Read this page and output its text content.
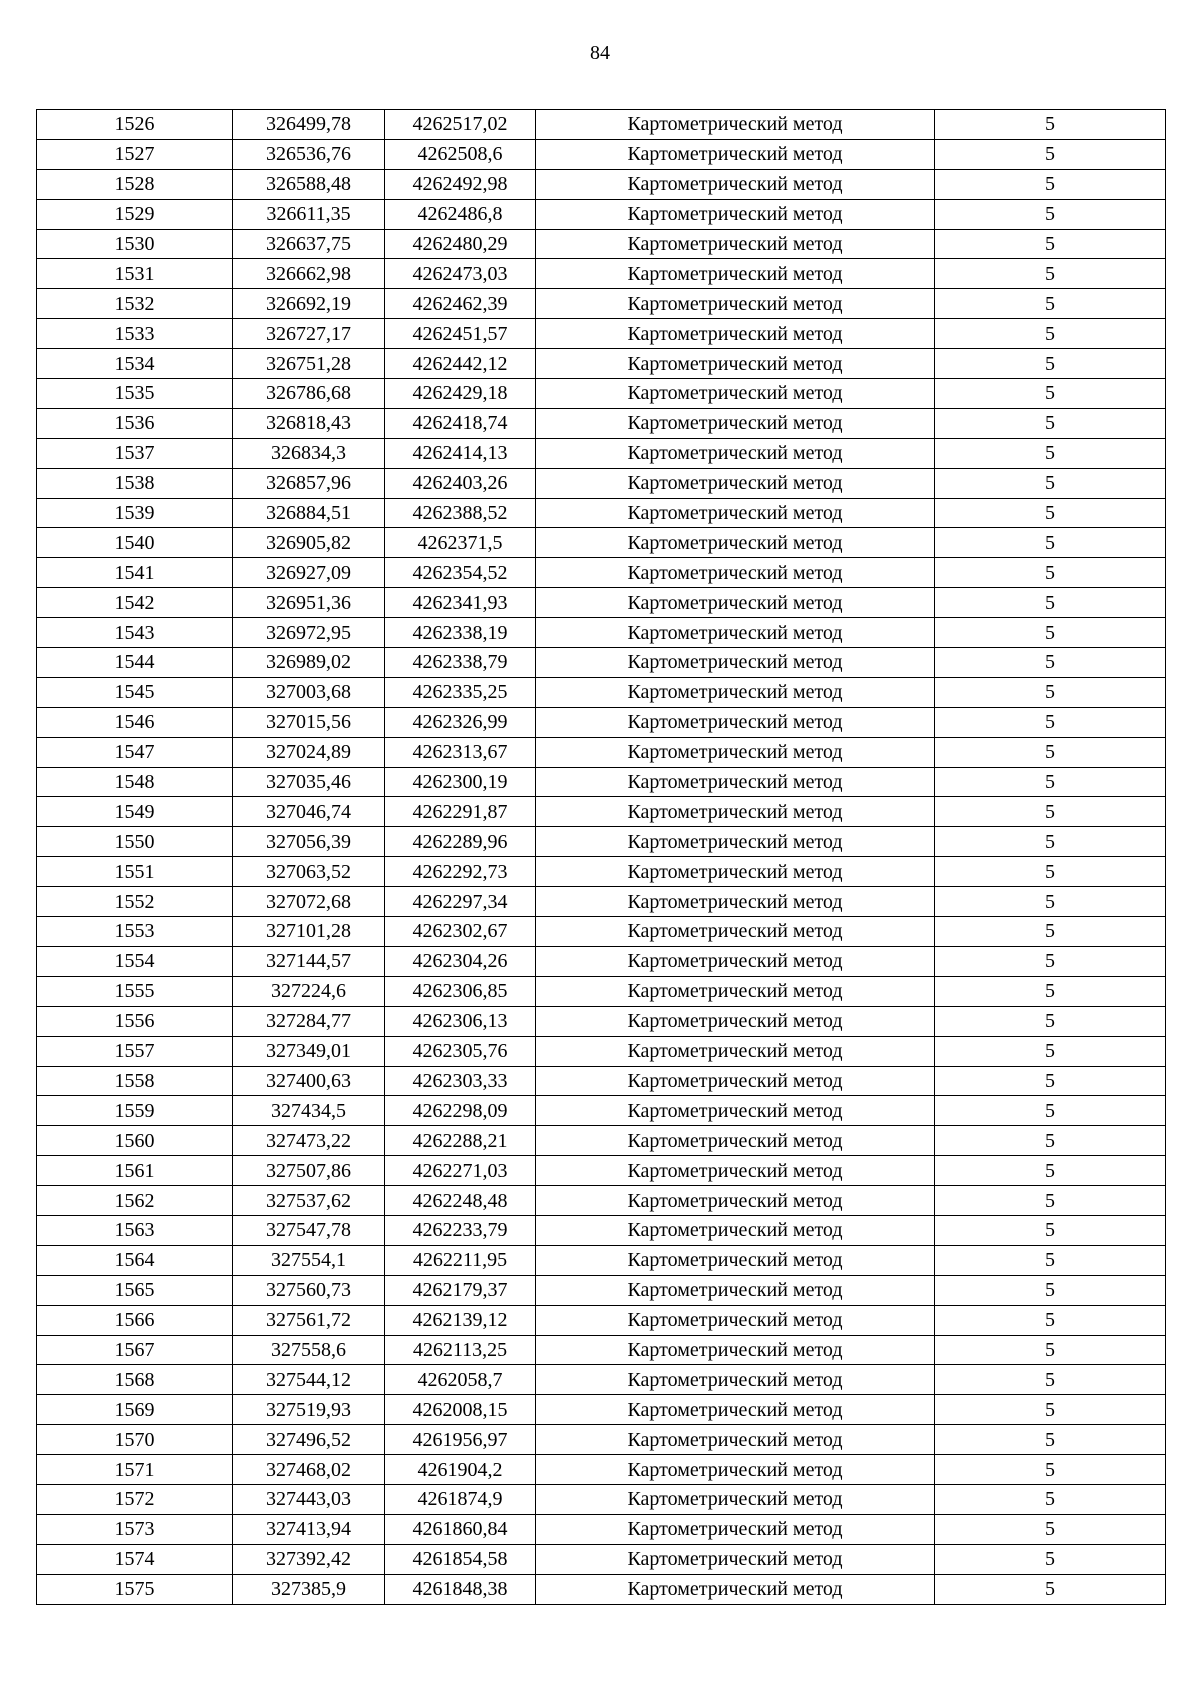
84
1526	326499,78	4262517,02	Картометрический метод	5
1527	326536,76	4262508,6	Картометрический метод	5
1528	326588,48	4262492,98	Картометрический метод	5
1529	326611,35	4262486,8	Картометрический метод	5
1530	326637,75	4262480,29	Картометрический метод	5
1531	326662,98	4262473,03	Картометрический метод	5
1532	326692,19	4262462,39	Картометрический метод	5
1533	326727,17	4262451,57	Картометрический метод	5
1534	326751,28	4262442,12	Картометрический метод	5
1535	326786,68	4262429,18	Картометрический метод	5
1536	326818,43	4262418,74	Картометрический метод	5
1537	326834,3	4262414,13	Картометрический метод	5
1538	326857,96	4262403,26	Картометрический метод	5
1539	326884,51	4262388,52	Картометрический метод	5
1540	326905,82	4262371,5	Картометрический метод	5
1541	326927,09	4262354,52	Картометрический метод	5
1542	326951,36	4262341,93	Картометрический метод	5
1543	326972,95	4262338,19	Картометрический метод	5
1544	326989,02	4262338,79	Картометрический метод	5
1545	327003,68	4262335,25	Картометрический метод	5
1546	327015,56	4262326,99	Картометрический метод	5
1547	327024,89	4262313,67	Картометрический метод	5
1548	327035,46	4262300,19	Картометрический метод	5
1549	327046,74	4262291,87	Картометрический метод	5
1550	327056,39	4262289,96	Картометрический метод	5
1551	327063,52	4262292,73	Картометрический метод	5
1552	327072,68	4262297,34	Картометрический метод	5
1553	327101,28	4262302,67	Картометрический метод	5
1554	327144,57	4262304,26	Картометрический метод	5
1555	327224,6	4262306,85	Картометрический метод	5
1556	327284,77	4262306,13	Картометрический метод	5
1557	327349,01	4262305,76	Картометрический метод	5
1558	327400,63	4262303,33	Картометрический метод	5
1559	327434,5	4262298,09	Картометрический метод	5
1560	327473,22	4262288,21	Картометрический метод	5
1561	327507,86	4262271,03	Картометрический метод	5
1562	327537,62	4262248,48	Картометрический метод	5
1563	327547,78	4262233,79	Картометрический метод	5
1564	327554,1	4262211,95	Картометрический метод	5
1565	327560,73	4262179,37	Картометрический метод	5
1566	327561,72	4262139,12	Картометрический метод	5
1567	327558,6	4262113,25	Картометрический метод	5
1568	327544,12	4262058,7	Картометрический метод	5
1569	327519,93	4262008,15	Картометрический метод	5
1570	327496,52	4261956,97	Картометрический метод	5
1571	327468,02	4261904,2	Картометрический метод	5
1572	327443,03	4261874,9	Картометрический метод	5
1573	327413,94	4261860,84	Картометрический метод	5
1574	327392,42	4261854,58	Картометрический метод	5
1575	327385,9	4261848,38	Картометрический метод	5
